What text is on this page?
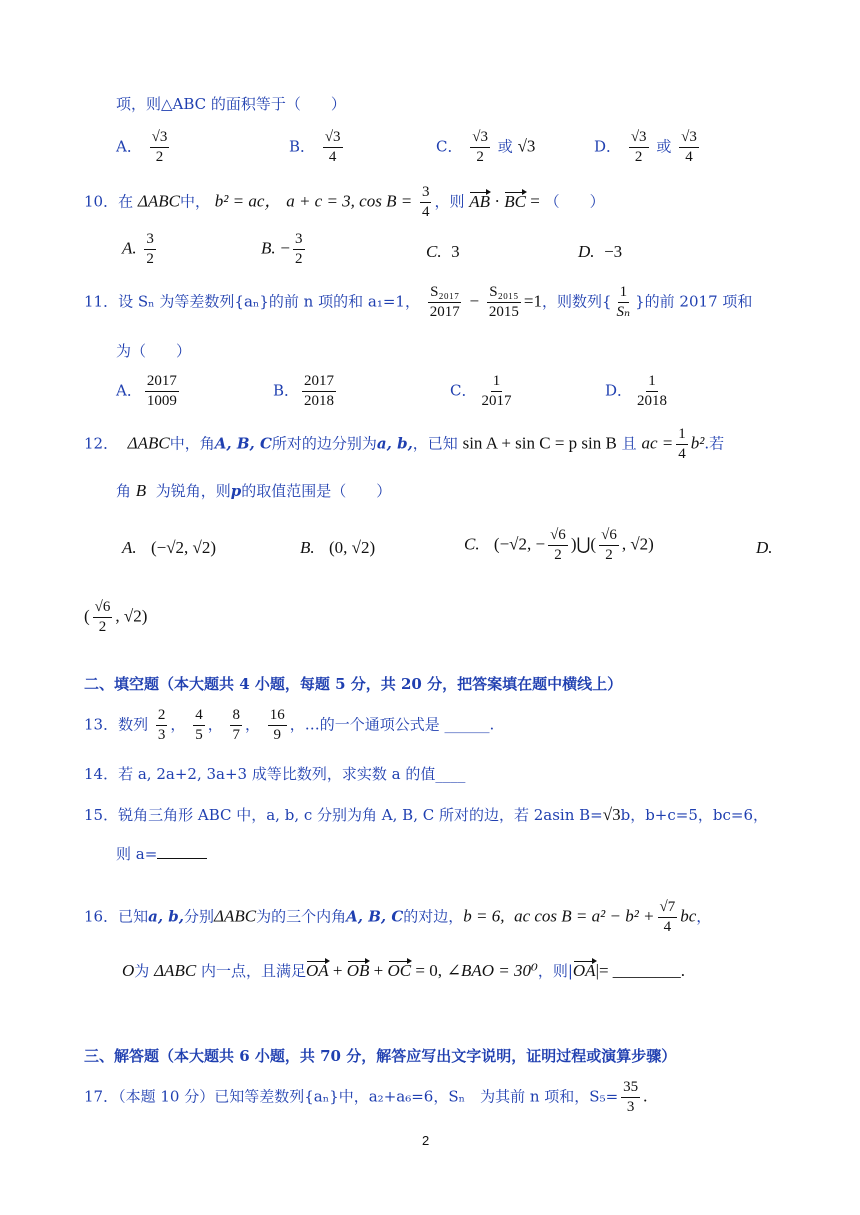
项，则△ABC 的面积等于（　　）
A． $\frac{√3}{2}$	B． $\frac{√3}{4}$	C． $\frac{√3}{2}$ 或 √3	D． $\frac{√3}{2}$ 或 $\frac{√3}{4}$
10．在 ΔABC中， b² = ac， a + c = 3, $\cos B = \frac{3}{4}$ ，则 AB · BC = （　　）
A. $\frac{3}{2}$	B. − $\frac{3}{2}$	C. 3	D. −3
11．设 Sₙ 为等差数列{aₙ}的前 n 项的和 a₁=1， $\frac{\text{S₂₀₁₇}}{2017} - \frac{\text{S₂₀₁₅}}{2015} =1$，则数列{ $\frac{1}{\text{Sₙ}}$ }的前 2017 项和
为（　　）
A． $\frac{2017}{1009}$	B． $\frac{2017}{2018}$	C． $\frac{1}{2017}$	D． $\frac{1}{2018}$
12． ΔABC中，角A, B, C所对的边分别为a, b,，已知 sin A + sin C = p sin B 且 ac = $\frac{1}{4} b^2$.若
角 B 为锐角，则p的取值范围是（　　）
A. (−√2, √2)	B. (0, √2)	C. (−√2, − $\frac{√6}{2}$ )⋃( $\frac{√6}{2}$ , √2)	D.
( $\frac{√6}{2}$ , √2)
二、填空题（本大题共 4 小题，每题 5 分，共 20 分，把答案填在题中横线上）
13．数列 $\frac{2}{3}$ ， $\frac{4}{5}$ ， $\frac{8}{7}$ ， $\frac{16}{9}$ ，…的一个通项公式是 ______.
14．若 a, 2a+2, 3a+3 成等比数列，求实数 a 的值____
15．锐角三角形 ABC 中，a, b, c 分别为角 A, B, C 所对的边，若 2asin B=√3b，b+c=5，bc=6，
则 a=
16．已知a, b,分别ΔABC为的三个内角A, B, C的对边，b = 6, ac $\cos B = a^2 - b^2 + \frac{√7}{4}$ bc，
O为 ΔABC 内一点，且满足OA + OB + OC = 0, ∠BAO = 30⁰，则|OA|= ________.
三、解答题（本大题共 6 小题，共 70 分，解答应写出文字说明，证明过程或演算步骤）
17．（本题 10 分）已知等差数列{aₙ}中，a₂+a₆=6，Sₙ　为其前 n 项和，$S_5= \frac{35}{3}$ .
2
